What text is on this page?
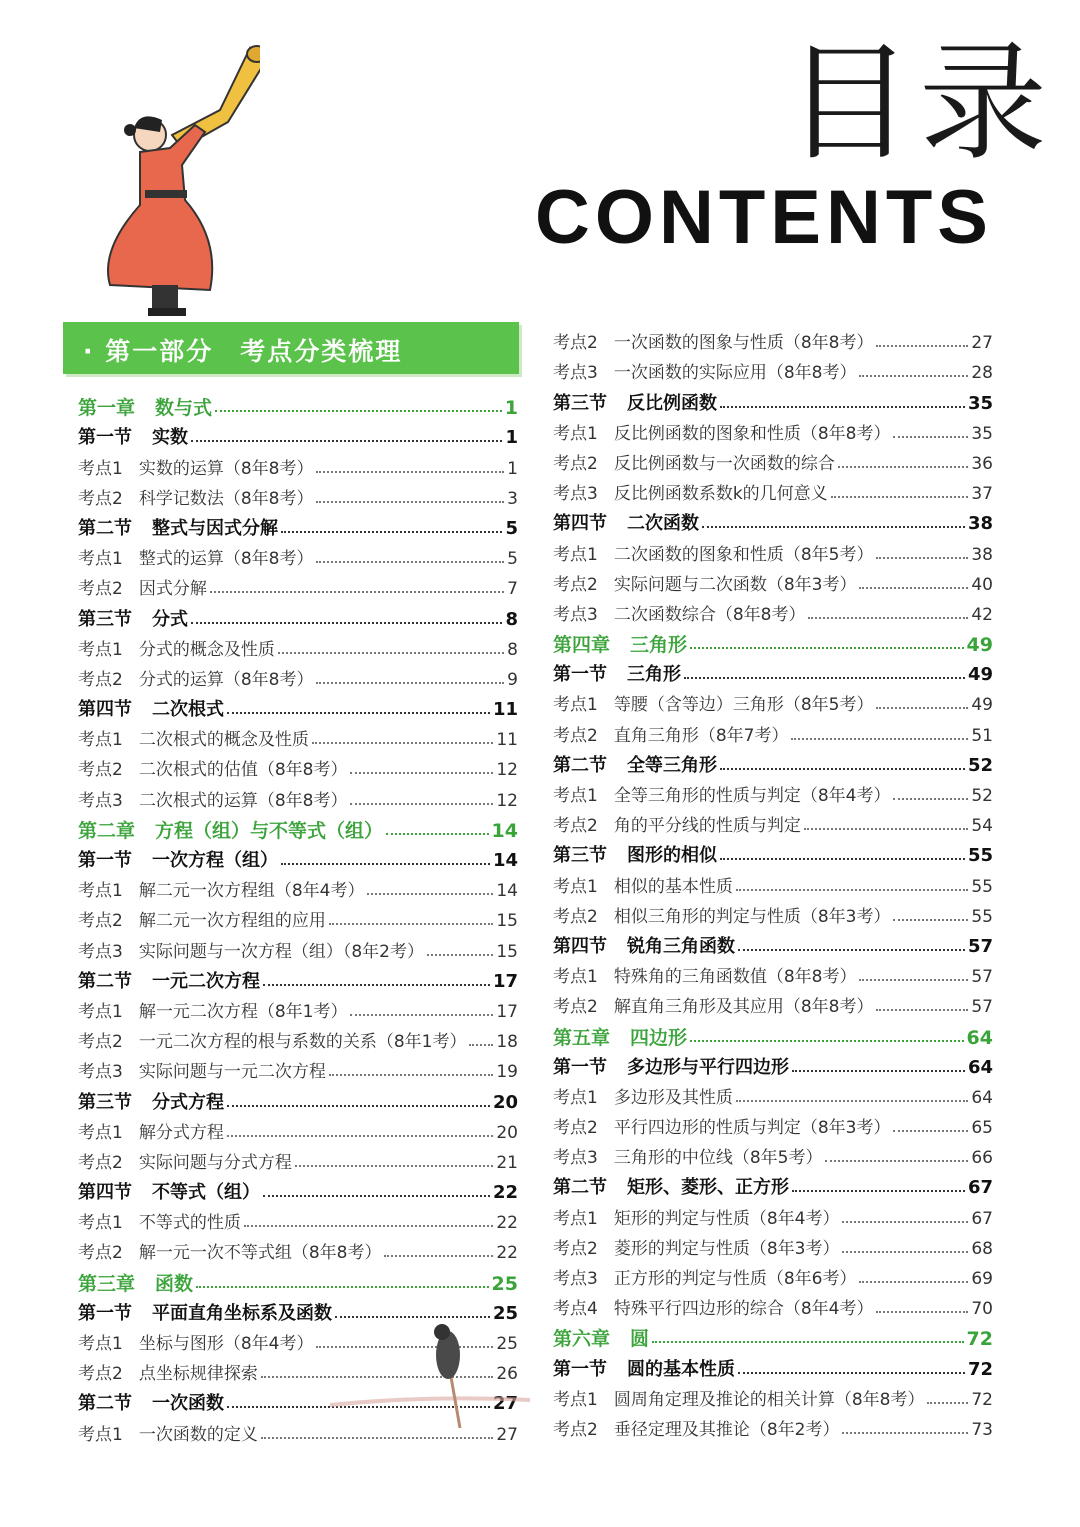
目录
CONTENTS
· 第一部分　考点分类梳理
第一章 数与式	1
第一节 实数	1
考点1 实数的运算（8年8考）	1
考点2 科学记数法（8年8考）	3
第二节 整式与因式分解	5
考点1 整式的运算（8年8考）	5
考点2 因式分解	7
第三节 分式	8
考点1 分式的概念及性质	8
考点2 分式的运算（8年8考）	9
第四节 二次根式	11
考点1 二次根式的概念及性质	11
考点2 二次根式的估值（8年8考）	12
考点3 二次根式的运算（8年8考）	12
第二章 方程（组）与不等式（组）	14
第一节 一次方程（组）	14
考点1 解二元一次方程组（8年4考）	14
考点2 解二元一次方程组的应用	15
考点3 实际问题与一次方程（组）（8年2考）	15
第二节 一元二次方程	17
考点1 解一元二次方程（8年1考）	17
考点2 一元二次方程的根与系数的关系（8年1考） 18
考点3 实际问题与一元二次方程	19
第三节 分式方程	20
考点1 解分式方程	20
考点2 实际问题与分式方程	21
第四节 不等式（组）	22
考点1 不等式的性质	22
考点2 解一元一次不等式组（8年8考）	22
第三章 函数	25
第一节 平面直角坐标系及函数	25
考点1 坐标与图形（8年4考）	25
考点2 点坐标规律探索	26
第二节 一次函数	27
考点1 一次函数的定义	27
考点2 一次函数的图象与性质（8年8考）	27
考点3 一次函数的实际应用（8年8考）	28
第三节 反比例函数	35
考点1 反比例函数的图象和性质（8年8考）	35
考点2 反比例函数与一次函数的综合	36
考点3 反比例函数系数k的几何意义	37
第四节 二次函数	38
考点1 二次函数的图象和性质（8年5考）	38
考点2 实际问题与二次函数（8年3考）	40
考点3 二次函数综合（8年8考）	42
第四章 三角形	49
第一节 三角形	49
考点1 等腰（含等边）三角形（8年5考）	49
考点2 直角三角形（8年7考）	51
第二节 全等三角形	52
考点1 全等三角形的性质与判定（8年4考）	52
考点2 角的平分线的性质与判定	54
第三节 图形的相似	55
考点1 相似的基本性质	55
考点2 相似三角形的判定与性质（8年3考）	55
第四节 锐角三角函数	57
考点1 特殊角的三角函数值（8年8考）	57
考点2 解直角三角形及其应用（8年8考）	57
第五章 四边形	64
第一节 多边形与平行四边形	64
考点1 多边形及其性质	64
考点2 平行四边形的性质与判定（8年3考）	65
考点3 三角形的中位线（8年5考）	66
第二节 矩形、菱形、正方形	67
考点1 矩形的判定与性质（8年4考）	67
考点2 菱形的判定与性质（8年3考）	68
考点3 正方形的判定与性质（8年6考）	69
考点4 特殊平行四边形的综合（8年4考）	70
第六章 圆	72
第一节 圆的基本性质	72
考点1 圆周角定理及推论的相关计算（8年8考）	72
考点2 垂径定理及其推论（8年2考）	73
